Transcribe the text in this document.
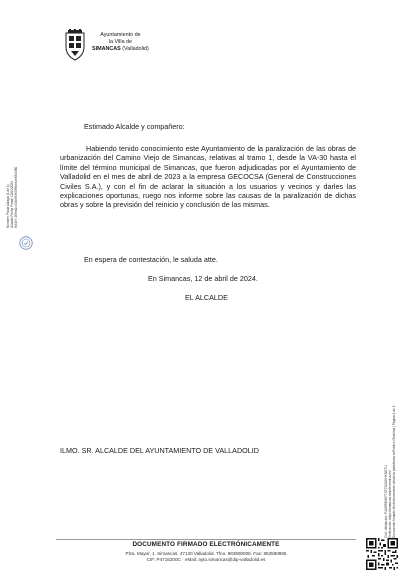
Ayuntamiento de
la Villa de
SIMANCAS (Valladolid)
Nombre: Paula Alzaga (1 de 1) Alcalde Fecha Firma: 12/04/2024 HASH: 2f9ed2cc04b9fcff47f8be44e83c1f60
Estimado Alcalde y compañero:
Habiendo tenido conocimiento este Ayuntamiento de la paralización de las obras de urbanización del Camino Viejo de Simancas, relativas al tramo 1, desde la VA-30 hasta el límite del término municipal de Simancas, que fueron adjudicadas por el Ayuntamiento de Valladolid en el mes de abril de 2023 a la empresa GECOCSA (General de Construcciones Civiles S.A.), y con el fin de aclarar la situación a los usuarios y vecinos y darles las explicaciones oportunas, ruego nos informe sobre las causas de la paralización de dichas obras y sobre la previsión del reinicio y conclusión de las mismas.
En espera de contestación, le saluda atte.
En Simancas, 12 de abril de 2024.
EL ALCALDE
ILMO. SR. ALCALDE DEL AYUNTAMIENTO DE VALLADOLID
Cód. Validación: P4ADR6NN7TSTCDA2KHKNGTU Verificación: https://simancas.sedelectronica.es/ Documento firmado electrónicamente desde la plataforma esPublico Gestiona | Página 1 de 1
DOCUMENTO FIRMADO ELECTRÓNICAMENTE
Plza. Mayor, 1. Simancas. 47130 Valladolid. Tfno. 983590008. Fax: 983590865
CIF: P4716200C · eMail: ayto.simancas@dip-valladolid.es
